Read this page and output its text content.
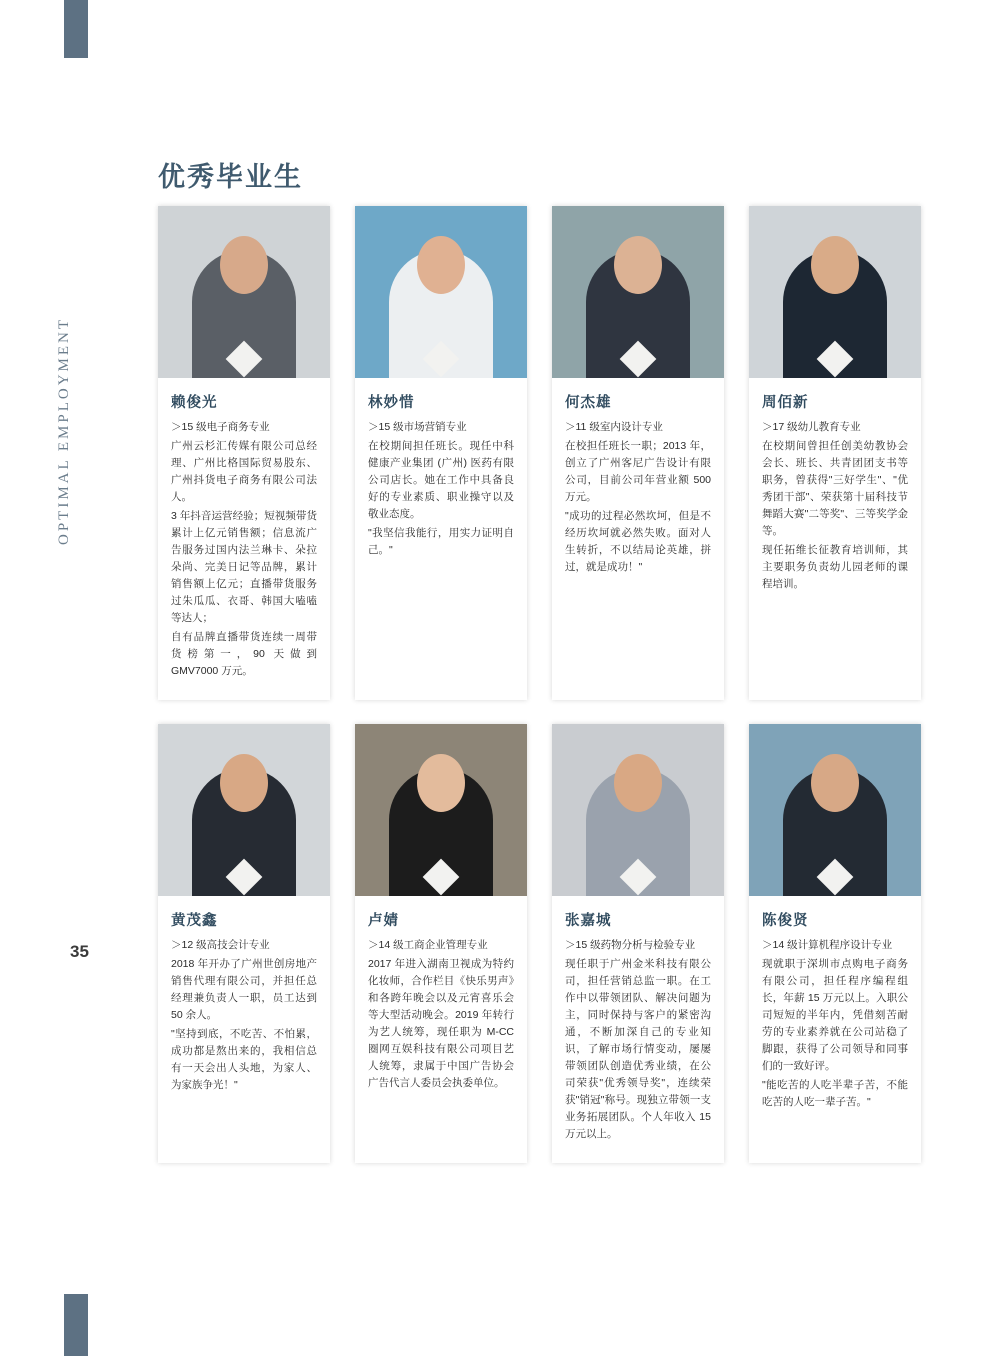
OPTIMAL EMPLOYMENT
35
优秀毕业生
赖俊光

＞15 级电子商务专业

广州云杉汇传媒有限公司总经理、广州比格国际贸易股东、广州抖货电子商务有限公司法人。

3 年抖音运营经验；短视频带货累计上亿元销售额；信息流广告服务过国内法兰琳卡、朵拉朵尚、完美日记等品牌，累计销售额上亿元；直播带货服务过朱瓜瓜、衣哥、韩国大嗑嗑等达人；

自有品牌直播带货连续一周带货榜第一，90 天做到 GMV7000 万元。

林妙惜

＞15 级市场营销专业

在校期间担任班长。现任中科健康产业集团 (广州) 医药有限公司店长。她在工作中具备良好的专业素质、职业操守以及敬业态度。

"我坚信我能行，用实力证明自己。"

何杰雄

＞11 级室内设计专业

在校担任班长一职；2013 年，创立了广州客尼广告设计有限公司，目前公司年营业额 500 万元。

"成功的过程必然坎坷，但是不经历坎坷就必然失败。面对人生转折，不以结局论英雄，拼过，就是成功！"

周佰新

＞17 级幼儿教育专业

在校期间曾担任创美幼教协会会长、班长、共青团团支书等职务，曾获得"三好学生"、"优秀团干部"、荣获第十届科技节舞蹈大赛"二等奖"、三等奖学金等。

现任拓维长征教育培训师，其主要职务负责幼儿园老师的课程培训。

黄茂鑫

＞12 级高技会计专业

2018 年开办了广州世创房地产销售代理有限公司，并担任总经理兼负责人一职，员工达到 50 余人。

"坚持到底，不吃苦、不怕累，成功都是熬出来的，我相信总有一天会出人头地，为家人、为家族争光！"

卢婧

＞14 级工商企业管理专业

2017 年进入湖南卫视成为特约化妆师，合作栏目《快乐男声》和各跨年晚会以及元宵喜乐会等大型活动晚会。2019 年转行为艺人统筹，现任职为 M-CC 圈网互娱科技有限公司项目艺人统筹，隶属于中国广告协会广告代言人委员会执委单位。

张嘉城

＞15 级药物分析与检验专业

现任职于广州金米科技有限公司，担任营销总监一职。在工作中以带领团队、解决问题为主，同时保持与客户的紧密沟通，不断加深自己的专业知识，了解市场行情变动，屡屡带领团队创造优秀业绩，在公司荣获"优秀领导奖"，连续荣获"销冠"称号。现独立带领一支业务拓展团队。个人年收入 15 万元以上。

陈俊贤

＞14 级计算机程序设计专业

现就职于深圳市点购电子商务有限公司，担任程序编程组长，年薪 15 万元以上。入职公司短短的半年内，凭借刻苦耐劳的专业素养就在公司站稳了脚跟，获得了公司领导和同事们的一致好评。

"能吃苦的人吃半辈子苦，不能吃苦的人吃一辈子苦。"
